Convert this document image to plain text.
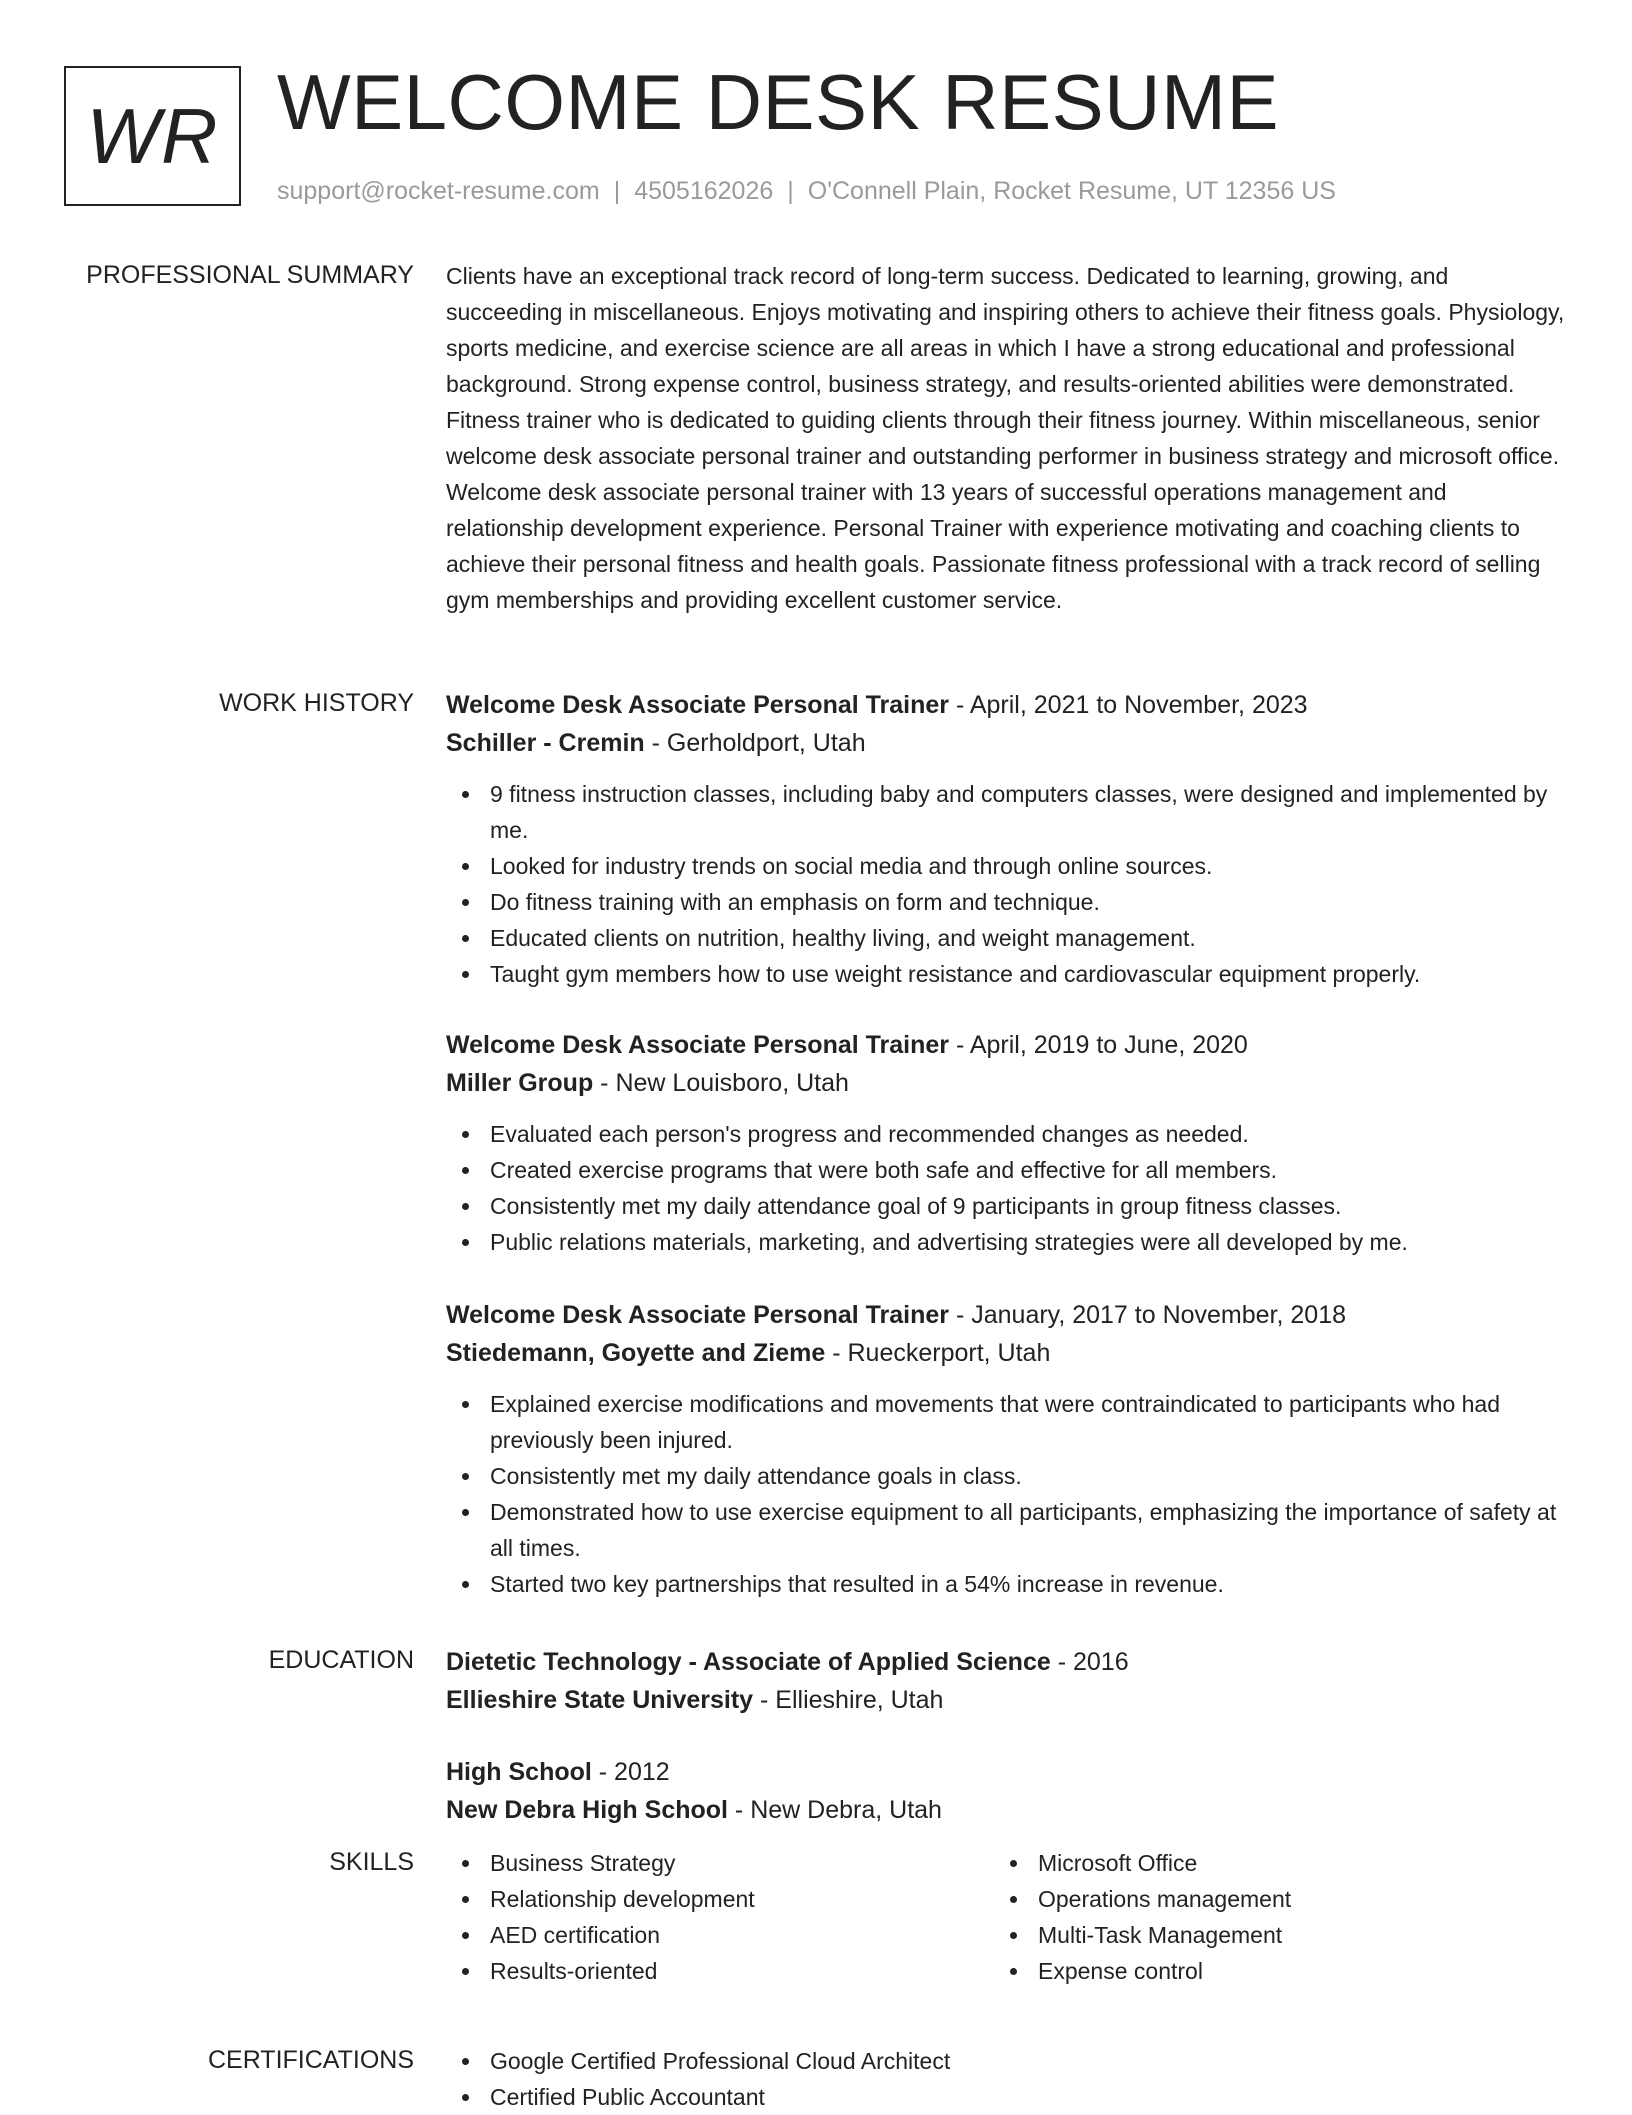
WR WELCOME DESK RESUME
support@rocket-resume.com | 4505162026 | O'Connell Plain, Rocket Resume, UT 12356 US
PROFESSIONAL SUMMARY Clients have an exceptional track record of long-term success. Dedicated to learning, growing, and succeeding in miscellaneous. Enjoys motivating and inspiring others to achieve their fitness goals. Physiology, sports medicine, and exercise science are all areas in which I have a strong educational and professional background. Strong expense control, business strategy, and results-oriented abilities were demonstrated. Fitness trainer who is dedicated to guiding clients through their fitness journey. Within miscellaneous, senior welcome desk associate personal trainer and outstanding performer in business strategy and microsoft office. Welcome desk associate personal trainer with 13 years of successful operations management and relationship development experience. Personal Trainer with experience motivating and coaching clients to achieve their personal fitness and health goals. Passionate fitness professional with a track record of selling gym memberships and providing excellent customer service.

WORK HISTORY Welcome Desk Associate Personal Trainer - April, 2021 to November, 2023

Schiller - Cremin - Gerholdport, Utah

9 fitness instruction classes, including baby and computers classes, were designed and implemented by me.
Looked for industry trends on social media and through online sources.
Do fitness training with an emphasis on form and technique.
Educated clients on nutrition, healthy living, and weight management.
Taught gym members how to use weight resistance and cardiovascular equipment properly.

Welcome Desk Associate Personal Trainer - April, 2019 to June, 2020

Miller Group - New Louisboro, Utah

Evaluated each person's progress and recommended changes as needed.
Created exercise programs that were both safe and effective for all members.
Consistently met my daily attendance goal of 9 participants in group fitness classes.
Public relations materials, marketing, and advertising strategies were all developed by me.

Welcome Desk Associate Personal Trainer - January, 2017 to November, 2018

Stiedemann, Goyette and Zieme - Rueckerport, Utah

Explained exercise modifications and movements that were contraindicated to participants who had previously been injured.
Consistently met my daily attendance goals in class.
Demonstrated how to use exercise equipment to all participants, emphasizing the importance of safety at all times.
Started two key partnerships that resulted in a 54% increase in revenue.
EDUCATION Dietetic Technology - Associate of Applied Science - 2016

Ellieshire State University - Ellieshire, Utah

High School - 2012

New Debra High School - New Debra, Utah

SKILLS	Business Strategy
Relationship development
AED certification
Results-oriented
Microsoft Office
Operations management
Multi-Task Management
Expense control
CERTIFICATIONS	Google Certified Professional Cloud Architect
Certified Public Accountant
